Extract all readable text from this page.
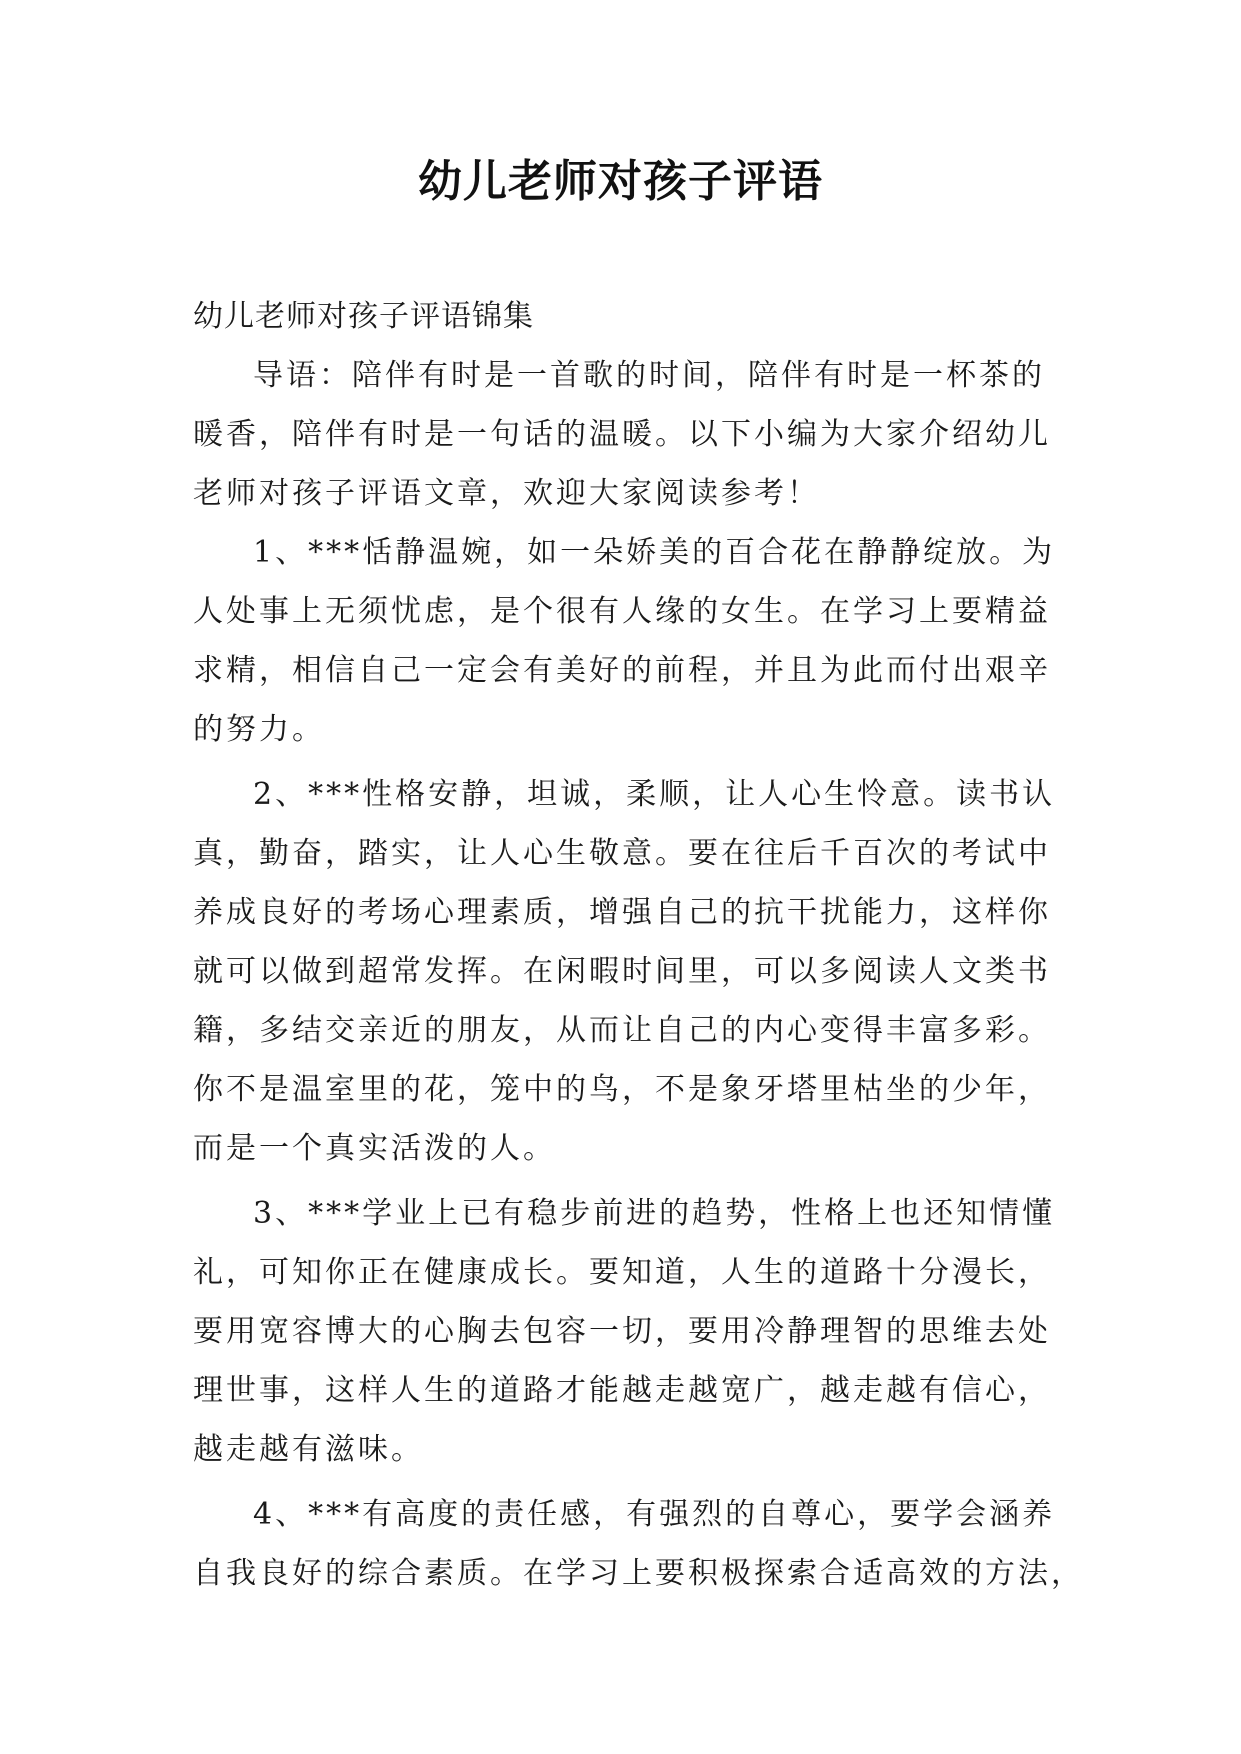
幼儿老师对孩子评语

幼儿老师对孩子评语锦集

导语：陪伴有时是一首歌的时间，陪伴有时是一杯茶的
暖香，陪伴有时是一句话的温暖。以下小编为大家介绍幼儿
老师对孩子评语文章，欢迎大家阅读参考！

1、***恬静温婉，如一朵娇美的百合花在静静绽放。为
人处事上无须忧虑，是个很有人缘的女生。在学习上要精益
求精，相信自己一定会有美好的前程，并且为此而付出艰辛
的努力。

2、***性格安静，坦诚，柔顺，让人心生怜意。读书认
真，勤奋，踏实，让人心生敬意。要在往后千百次的考试中
养成良好的考场心理素质，增强自己的抗干扰能力，这样你
就可以做到超常发挥。在闲暇时间里，可以多阅读人文类书
籍，多结交亲近的朋友，从而让自己的内心变得丰富多彩。
你不是温室里的花，笼中的鸟，不是象牙塔里枯坐的少年，
而是一个真实活泼的人。

3、***学业上已有稳步前进的趋势，性格上也还知情懂
礼，可知你正在健康成长。要知道，人生的道路十分漫长，
要用宽容博大的心胸去包容一切，要用冷静理智的思维去处
理世事，这样人生的道路才能越走越宽广，越走越有信心，
越走越有滋味。

4、***有高度的责任感，有强烈的自尊心，要学会涵养
自我良好的综合素质。在学习上要积极探索合适高效的方法，
